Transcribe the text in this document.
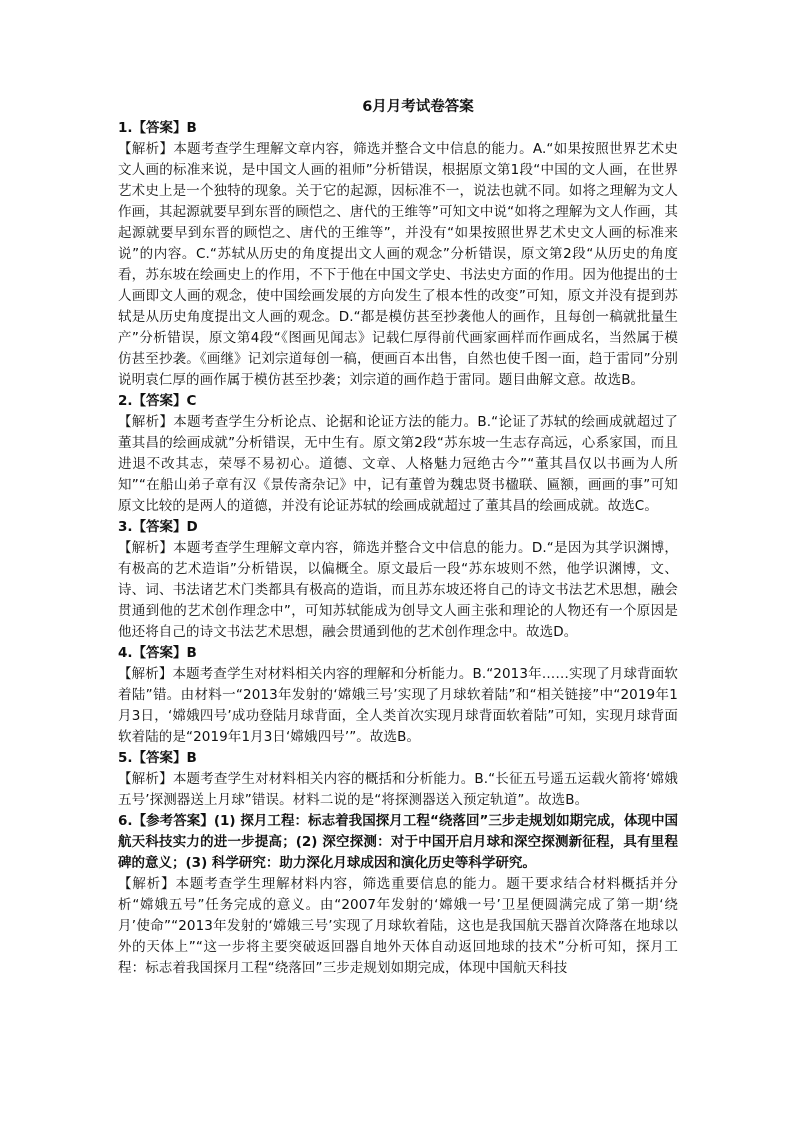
6月月考试卷答案

1.【答案】B

【解析】本题考查学生理解文章内容，筛选并整合文中信息的能力。A.“如果按照世界艺术史文人画的标准来说，是中国文人画的祖师”分析错误，根据原文第1段“中国的文人画，在世界艺术史上是一个独特的现象。关于它的起源，因标准不一，说法也就不同。如将之理解为文人作画，其起源就要早到东晋的顾恺之、唐代的王维等”可知文中说“如将之理解为文人作画，其起源就要早到东晋的顾恺之、唐代的王维等”，并没有“如果按照世界艺术史文人画的标准来说”的内容。C.“苏轼从历史的角度提出文人画的观念”分析错误，原文第2段“从历史的角度看，苏东坡在绘画史上的作用，不下于他在中国文学史、书法史方面的作用。因为他提出的士人画即文人画的观念，使中国绘画发展的方向发生了根本性的改变”可知，原文并没有提到苏轼是从历史角度提出文人画的观念。D.“都是模仿甚至抄袭他人的画作，且每创一稿就批量生产”分析错误，原文第4段“《图画见闻志》记载仁厚得前代画家画样而作画成名，当然属于模仿甚至抄袭。《画继》记刘宗道每创一稿，便画百本出售，自然也使千图一面，趋于雷同”分别说明袁仁厚的画作属于模仿甚至抄袭；刘宗道的画作趋于雷同。题目曲解文意。故选B。

2.【答案】C

【解析】本题考查学生分析论点、论据和论证方法的能力。B.“论证了苏轼的绘画成就超过了董其昌的绘画成就”分析错误，无中生有。原文第2段“苏东坡一生志存高远，心系家国，而且进退不改其志，荣辱不易初心。道德、文章、人格魅力冠绝古今”“董其昌仅以书画为人所知”“在船山弟子章有汉《景传斋杂记》中，记有董曾为魏忠贤书楹联、匾额，画画的事”可知原文比较的是两人的道德，并没有论证苏轼的绘画成就超过了董其昌的绘画成就。故选C。

3.【答案】D

【解析】本题考查学生理解文章内容，筛选并整合文中信息的能力。D.“是因为其学识渊博，有极高的艺术造诣”分析错误，以偏概全。原文最后一段“苏东坡则不然，他学识渊博，文、诗、词、书法诸艺术门类都具有极高的造诣，而且苏东坡还将自己的诗文书法艺术思想，融会贯通到他的艺术创作理念中”，可知苏轼能成为创导文人画主张和理论的人物还有一个原因是他还将自己的诗文书法艺术思想，融会贯通到他的艺术创作理念中。故选D。

4.【答案】B

【解析】本题考查学生对材料相关内容的理解和分析能力。B.“2013年……实现了月球背面软着陆”错。由材料一“2013年发射的‘嫦娥三号’实现了月球软着陆”和“相关链接”中“2019年1月3日，‘嫦娥四号’成功登陆月球背面，全人类首次实现月球背面软着陆”可知，实现月球背面软着陆的是“2019年1月3日‘嫦娥四号’”。故选B。

5.【答案】B

【解析】本题考查学生对材料相关内容的概括和分析能力。B.“长征五号遥五运载火箭将‘嫦娥五号’探测器送上月球”错误。材料二说的是“将探测器送入预定轨道”。故选B。

6.【参考答案】(1) 探月工程：标志着我国探月工程“绕落回”三步走规划如期完成，体现中国航天科技实力的进一步提高；(2) 深空探测：对于中国开启月球和深空探测新征程，具有里程碑的意义；(3) 科学研究：助力深化月球成因和演化历史等科学研究。

【解析】本题考查学生理解材料内容，筛选重要信息的能力。题干要求结合材料概括并分析“嫦娥五号”任务完成的意义。由“2007年发射的‘嫦娥一号’卫星便圆满完成了第一期‘绕月’使命”“2013年发射的‘嫦娥三号’实现了月球软着陆，这也是我国航天器首次降落在地球以外的天体上”“这一步将主要突破返回器自地外天体自动返回地球的技术”分析可知，探月工程：标志着我国探月工程“绕落回”三步走规划如期完成，体现中国航天科技
